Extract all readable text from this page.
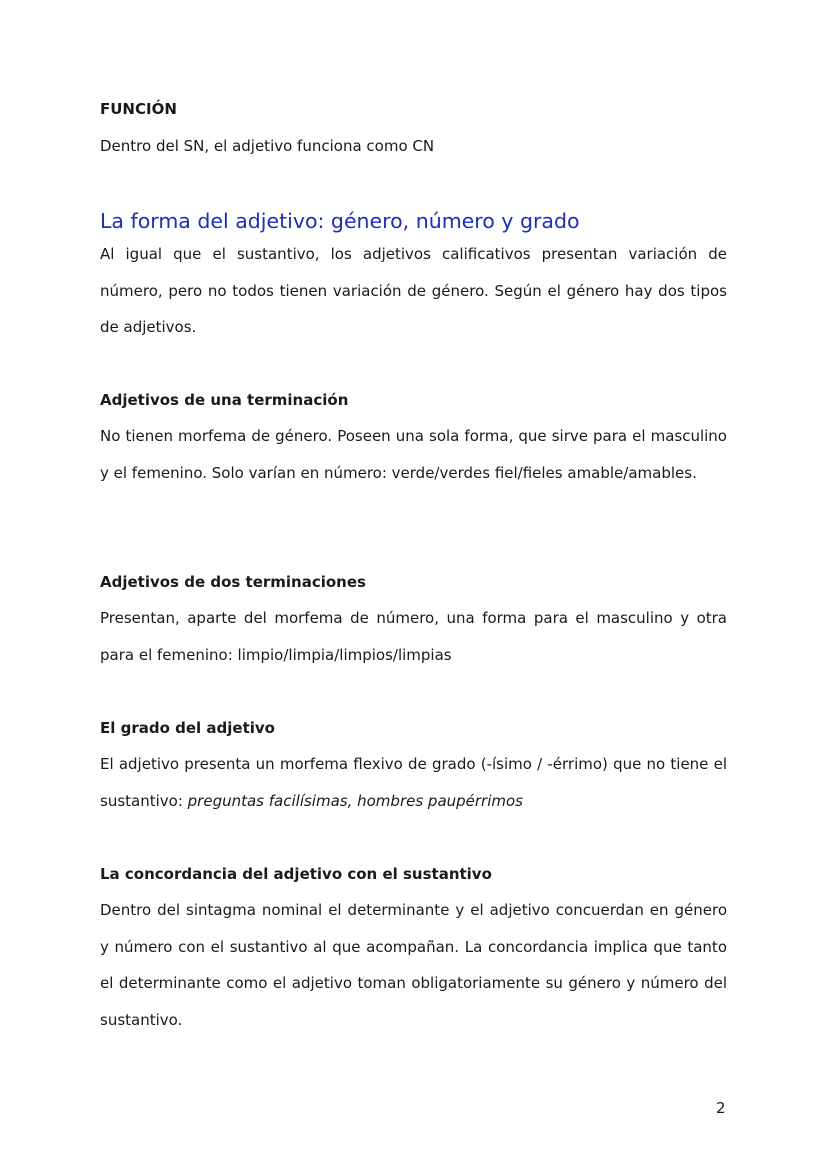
FUNCIÓN
Dentro del SN, el adjetivo funciona como CN
La forma del adjetivo: género, número y grado

Al igual que el sustantivo, los adjetivos calificativos presentan variación de número, pero no todos tienen variación de género. Según el género hay dos tipos de adjetivos.

Adjetivos de una terminación

No tienen morfema de género. Poseen una sola forma, que sirve para el masculino y el femenino. Solo varían en número: verde/verdes fiel/fieles amable/amables.

Adjetivos de dos terminaciones

Presentan, aparte del morfema de número, una forma para el masculino y otra para el femenino: limpio/limpia/limpios/limpias

El grado del adjetivo

El adjetivo presenta un morfema flexivo de grado (-ísimo / -érrimo) que no tiene el sustantivo: preguntas facilísimas, hombres paupérrimos

La concordancia del adjetivo con el sustantivo

Dentro del sintagma nominal el determinante y el adjetivo concuerdan en género y número con el sustantivo al que acompañan. La concordancia implica que tanto el determinante como el adjetivo toman obligatoriamente su género y número del sustantivo.

2
